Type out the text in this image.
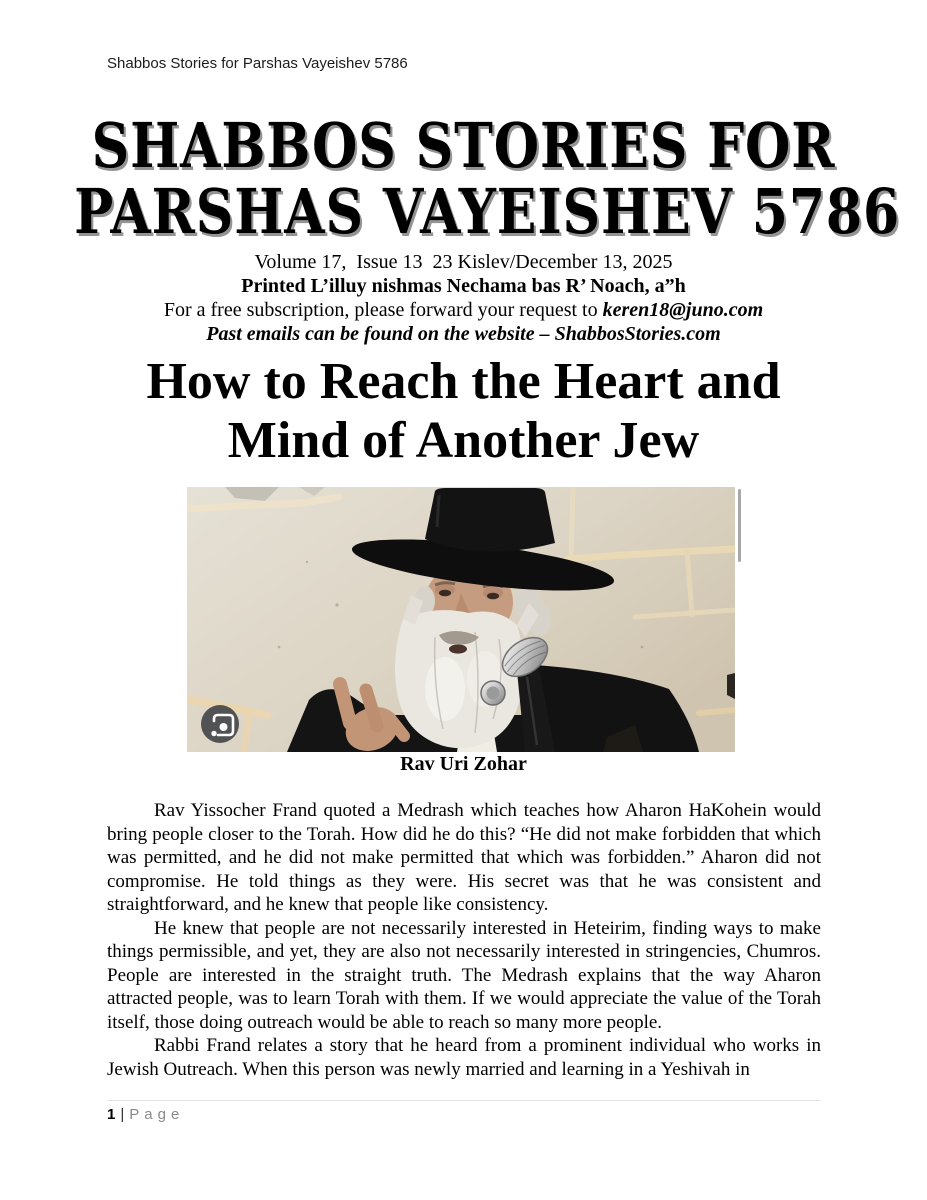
Shabbos Stories for Parshas Vayeishev 5786
SHABBOS STORIES FOR
PARSHAS VAYEISHEV 5786
Volume 17,  Issue 13  23 Kislev/December 13, 2025
Printed L’illuy nishmas Nechama bas R’ Noach, a”h
For a free subscription, please forward your request to keren18@juno.com
Past emails can be found on the website – ShabbosStories.com
How to Reach the Heart and
Mind of Another Jew
Rav Uri Zohar

Rav Yissocher Frand quoted a Medrash which teaches how Aharon HaKohein would bring people closer to the Torah. How did he do this? “He did not make forbidden that which was permitted, and he did not make permitted that which was forbidden.” Aharon did not compromise. He told things as they were. His secret was that he was consistent and straightforward, and he knew that people like consistency.

He knew that people are not necessarily interested in Heteirim, finding ways to make things permissible, and yet, they are also not necessarily interested in stringencies, Chumros. People are interested in the straight truth. The Medrash explains that the way Aharon attracted people, was to learn Torah with them. If we would appreciate the value of the Torah itself, those doing outreach would be able to reach so many more people.

Rabbi Frand relates a story that he heard from a prominent individual who works in Jewish Outreach. When this person was newly married and learning in a Yeshivah in

1 | Page
